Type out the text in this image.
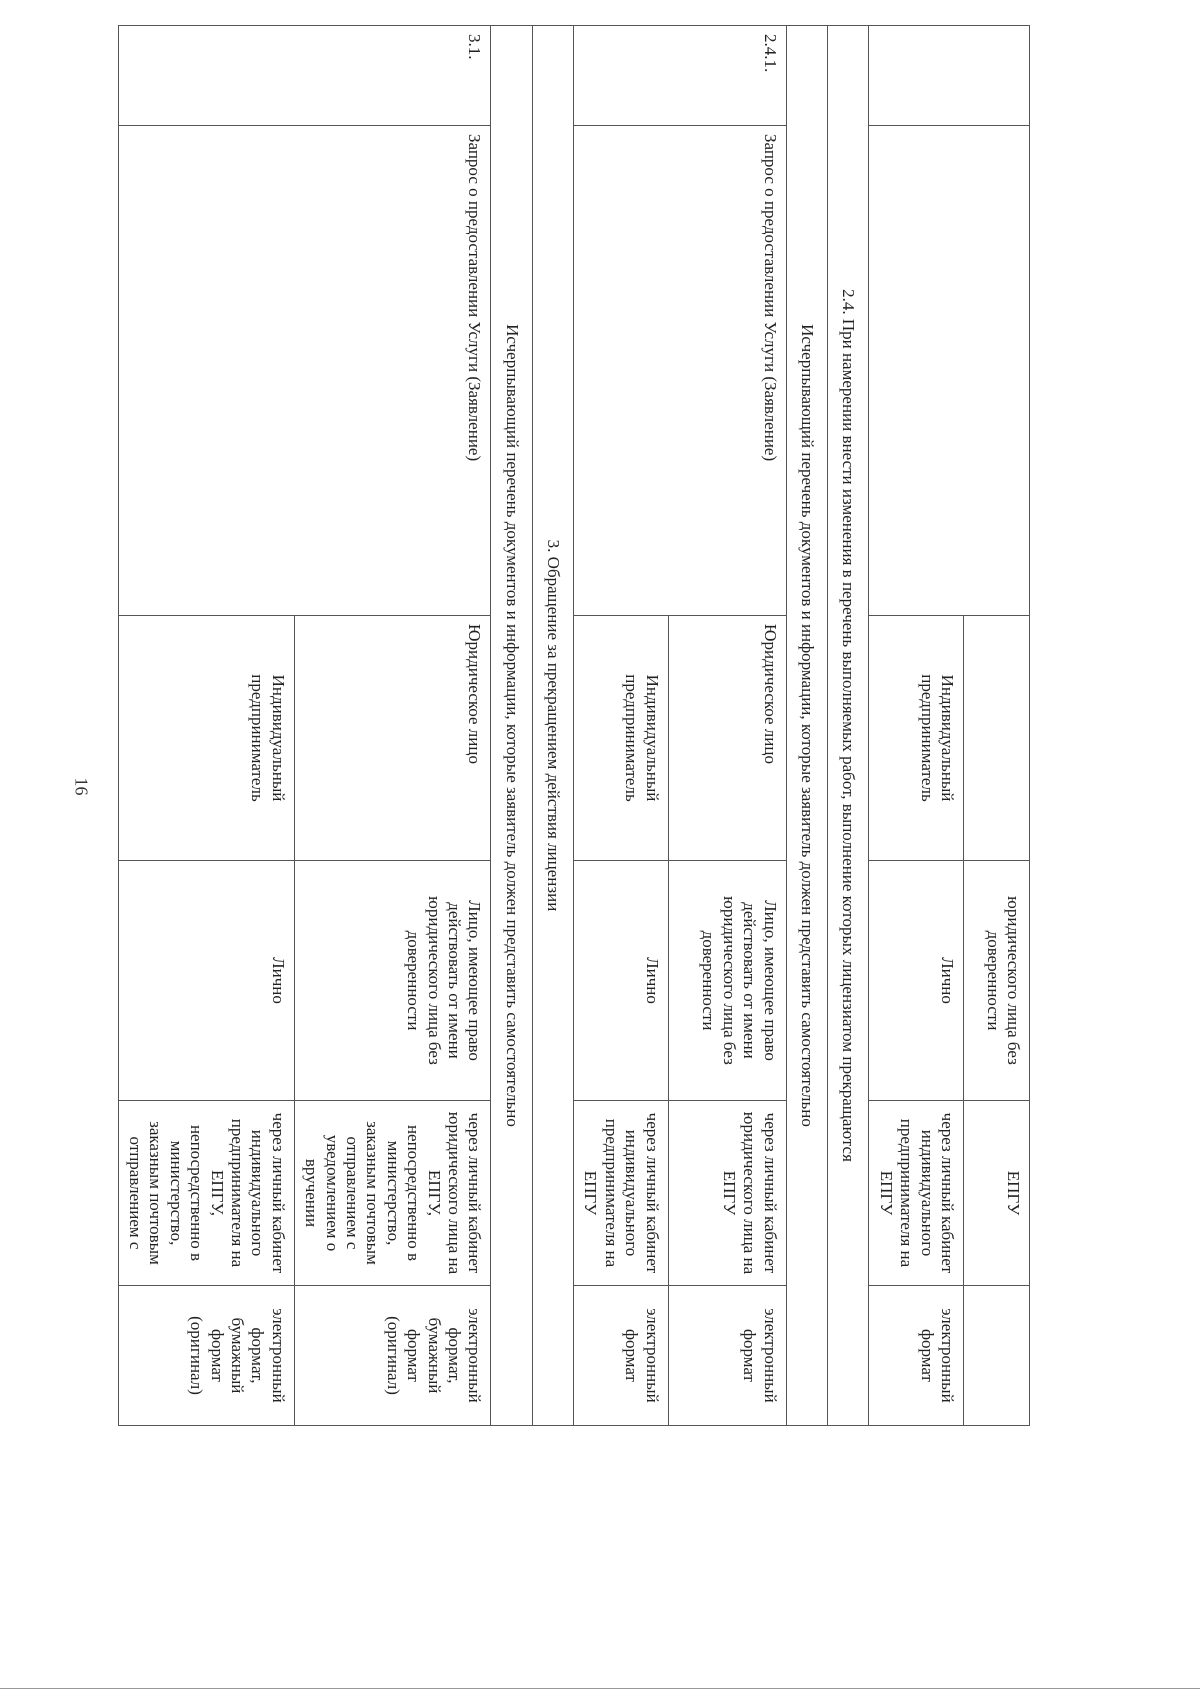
16
			юридического лица без доверенности	ЕПГУ	
		Индивидуальный предприниматель	Лично	через личный кабинет индивидуального предпринимателя на ЕПГУ	электронный формат
2.4. При намерении внести изменения в перечень выполняемых работ, выполнение которых лицензиатом прекращаются					
Исчерпывающий перечень документов и информации, которые заявитель должен представить самостоятельно					
2.4.1.	Запрос о предоставлении Услуги (Заявление)	Юридическое лицо	Лицо, имеющее право действовать от имени юридического лица без доверенности	через личный кабинет юридического лица на ЕПГУ	электронный формат
		Индивидуальный предприниматель	Лично	через личный кабинет индивидуального предпринимателя на ЕПГУ	электронный формат
3. Обращение за прекращением действия лицензии					
Исчерпывающий перечень документов и информации, которые заявитель должен представить самостоятельно					
3.1.	Запрос о предоставлении Услуги (Заявление)	Юридическое лицо	Лицо, имеющее право действовать от имени юридического лица без доверенности	через личный кабинет юридического лица на ЕПГУ, непосредственно в министерство, заказным почтовым отправлением с уведомлением о вручении	электронный формат, бумажный формат (оригинал)
		Индивидуальный предприниматель	Лично	через личный кабинет индивидуального предпринимателя на ЕПГУ, непосредственно в министерство, заказным почтовым отправлением с	электронный формат, бумажный формат (оригинал)
